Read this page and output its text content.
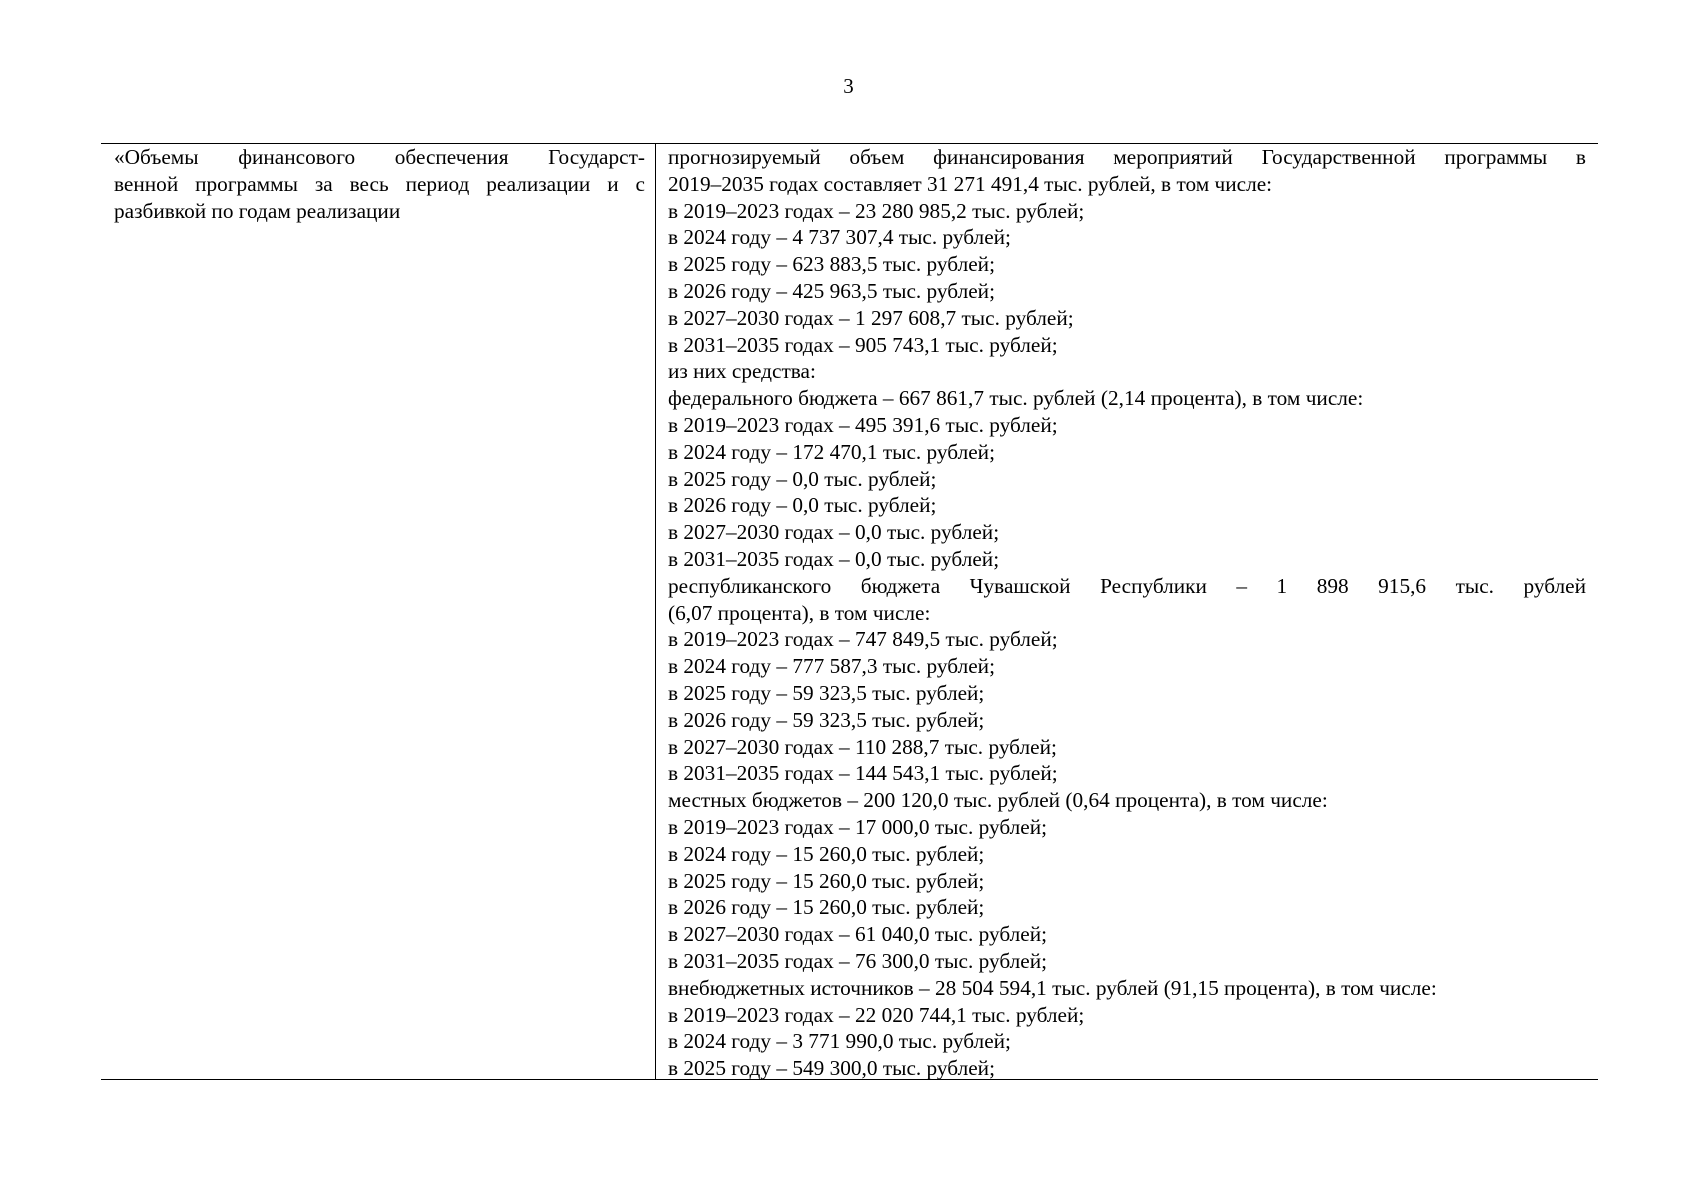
3
«Объемы финансового обеспечения Государст-
венной программы за весь период реализации и с
разбивкой по годам реализации
прогнозируемый объем финансирования мероприятий Государственной программы в
2019–2035 годах составляет 31 271 491,4 тыс. рублей, в том числе:
в 2019–2023 годах – 23 280 985,2 тыс. рублей;
в 2024 году – 4 737 307,4 тыс. рублей;
в 2025 году – 623 883,5 тыс. рублей;
в 2026 году – 425 963,5 тыс. рублей;
в 2027–2030 годах – 1 297 608,7 тыс. рублей;
в 2031–2035 годах – 905 743,1 тыс. рублей;
из них средства:
федерального бюджета – 667 861,7 тыс. рублей (2,14 процента), в том числе:
в 2019–2023 годах – 495 391,6 тыс. рублей;
в 2024 году – 172 470,1 тыс. рублей;
в 2025 году – 0,0 тыс. рублей;
в 2026 году – 0,0 тыс. рублей;
в 2027–2030 годах – 0,0 тыс. рублей;
в 2031–2035 годах – 0,0 тыс. рублей;
республиканского бюджета Чувашской Республики – 1 898 915,6 тыс. рублей
(6,07 процента), в том числе:
в 2019–2023 годах – 747 849,5 тыс. рублей;
в 2024 году – 777 587,3 тыс. рублей;
в 2025 году – 59 323,5 тыс. рублей;
в 2026 году – 59 323,5 тыс. рублей;
в 2027–2030 годах – 110 288,7 тыс. рублей;
в 2031–2035 годах – 144 543,1 тыс. рублей;
местных бюджетов – 200 120,0 тыс. рублей (0,64 процента), в том числе:
в 2019–2023 годах – 17 000,0 тыс. рублей;
в 2024 году – 15 260,0 тыс. рублей;
в 2025 году – 15 260,0 тыс. рублей;
в 2026 году – 15 260,0 тыс. рублей;
в 2027–2030 годах – 61 040,0 тыс. рублей;
в 2031–2035 годах – 76 300,0 тыс. рублей;
внебюджетных источников – 28 504 594,1 тыс. рублей (91,15 процента), в том числе:
в 2019–2023 годах – 22 020 744,1 тыс. рублей;
в 2024 году – 3 771 990,0 тыс. рублей;
в 2025 году – 549 300,0 тыс. рублей;
